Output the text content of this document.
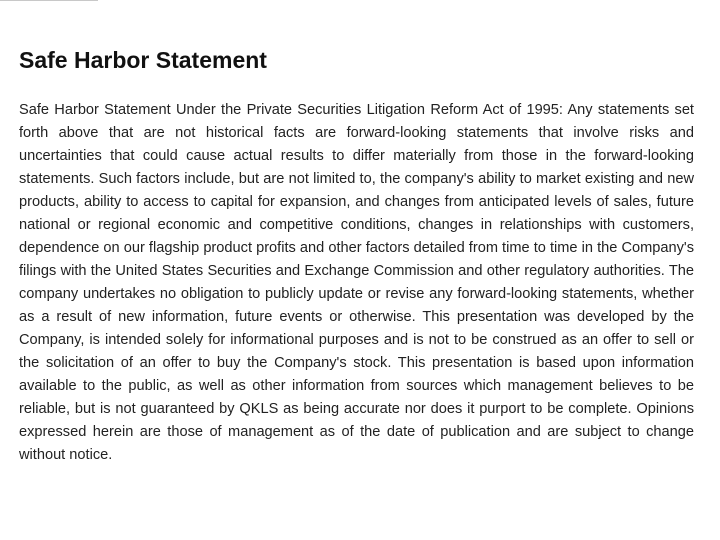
Safe Harbor Statement

Safe Harbor Statement Under the Private Securities Litigation Reform Act of 1995: Any statements set forth above that are not historical facts are forward-looking statements that involve risks and uncertainties that could cause actual results to differ materially from those in the forward-looking statements. Such factors include, but are not limited to, the company's ability to market existing and new products, ability to access to capital for expansion, and changes from anticipated levels of sales, future national or regional economic and competitive conditions, changes in relationships with customers, dependence on our flagship product profits and other factors detailed from time to time in the Company's filings with the United States Securities and Exchange Commission and other regulatory authorities. The company undertakes no obligation to publicly update or revise any forward-looking statements, whether as a result of new information, future events or otherwise. This presentation was developed by the Company, is intended solely for informational purposes and is not to be construed as an offer to sell or the solicitation of an offer to buy the Company's stock. This presentation is based upon information available to the public, as well as other information from sources which management believes to be reliable, but is not guaranteed by QKLS as being accurate nor does it purport to be complete. Opinions expressed herein are those of management as of the date of publication and are subject to change without notice.
